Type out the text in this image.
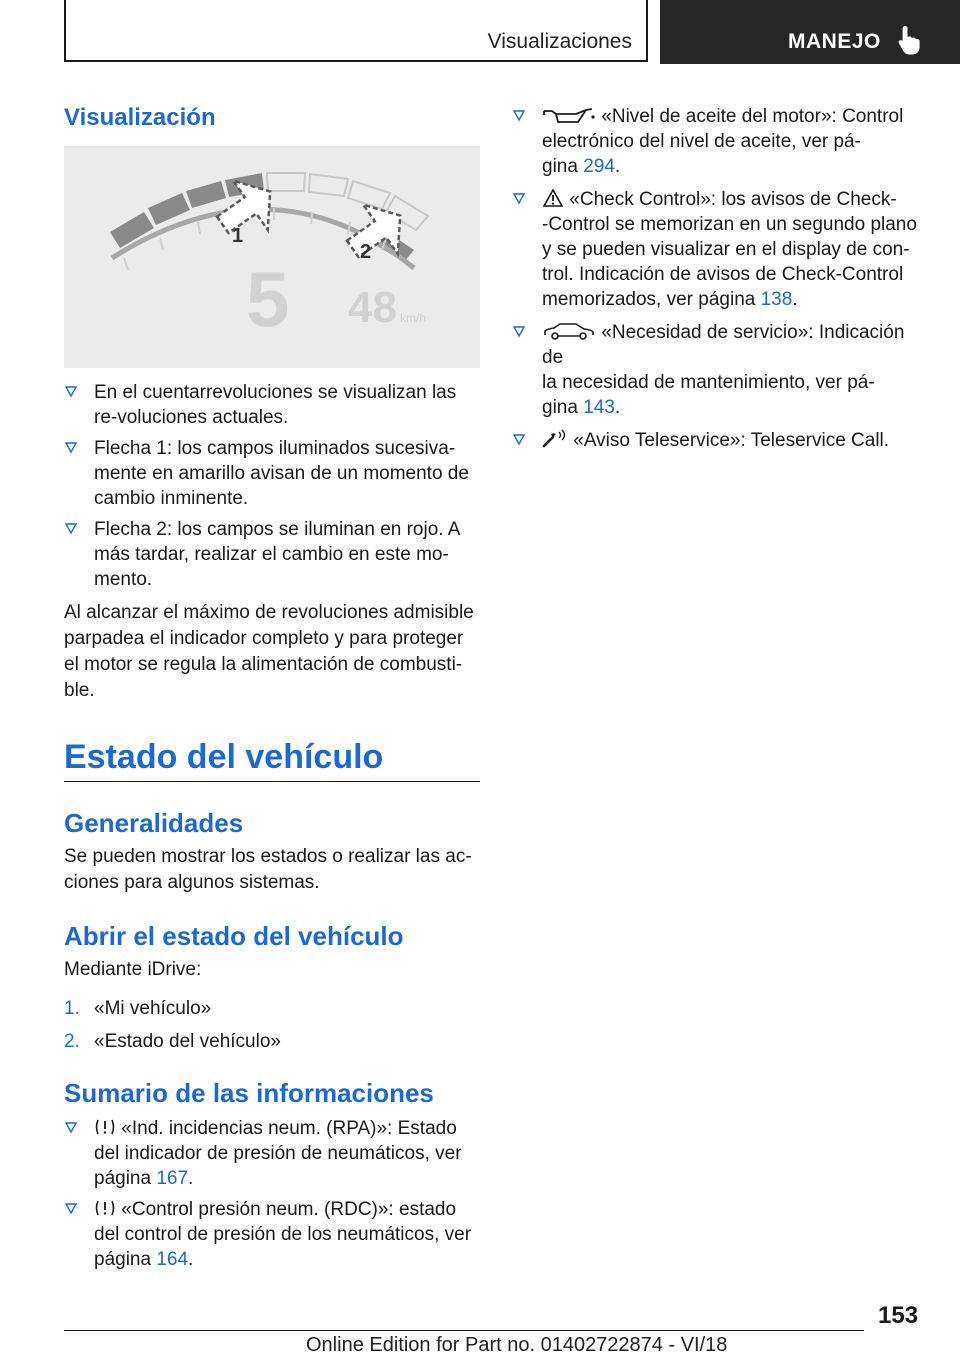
Visualizaciones	MANEJO
Visualización
1
2
5 48 km/h
En el cuentarrevoluciones se visualizan las re-voluciones actuales.
Flecha 1: los campos iluminados sucesiva-mente en amarillo avisan de un momento de cambio inminente.
Flecha 2: los campos se iluminan en rojo. A más tardar, realizar el cambio en este mo-mento.

Al alcanzar el máximo de revoluciones admisible parpadea el indicador completo y para proteger el motor se regula la alimentación de combusti-ble.

Estado del vehículo
Generalidades

Se pueden mostrar los estados o realizar las ac-ciones para algunos sistemas.

Abrir el estado del vehículo

Mediante iDrive:

1. «Mi vehículo»
2. «Estado del vehículo»
Sumario de las informaciones
«Ind. incidencias neum. (RPA)»: Estado
del indicador de presión de neumáticos, ver
página 167.
«Control presión neum. (RDC)»: estado
del control de presión de los neumáticos, ver
página 164.
«Nivel de aceite del motor»: Control
electrónico del nivel de aceite, ver pá-
gina 294.
«Check Control»: los avisos de Check-
-Control se memorizan en un segundo plano y se pueden visualizar en el display de con-trol. Indicación de avisos de Check-Control memorizados, ver página 138.
«Necesidad de servicio»: Indicación de
la necesidad de mantenimiento, ver pá-
gina 143.
«Aviso Teleservice»: Teleservice Call.
153
Online Edition for Part no. 01402722874 - VI/18
